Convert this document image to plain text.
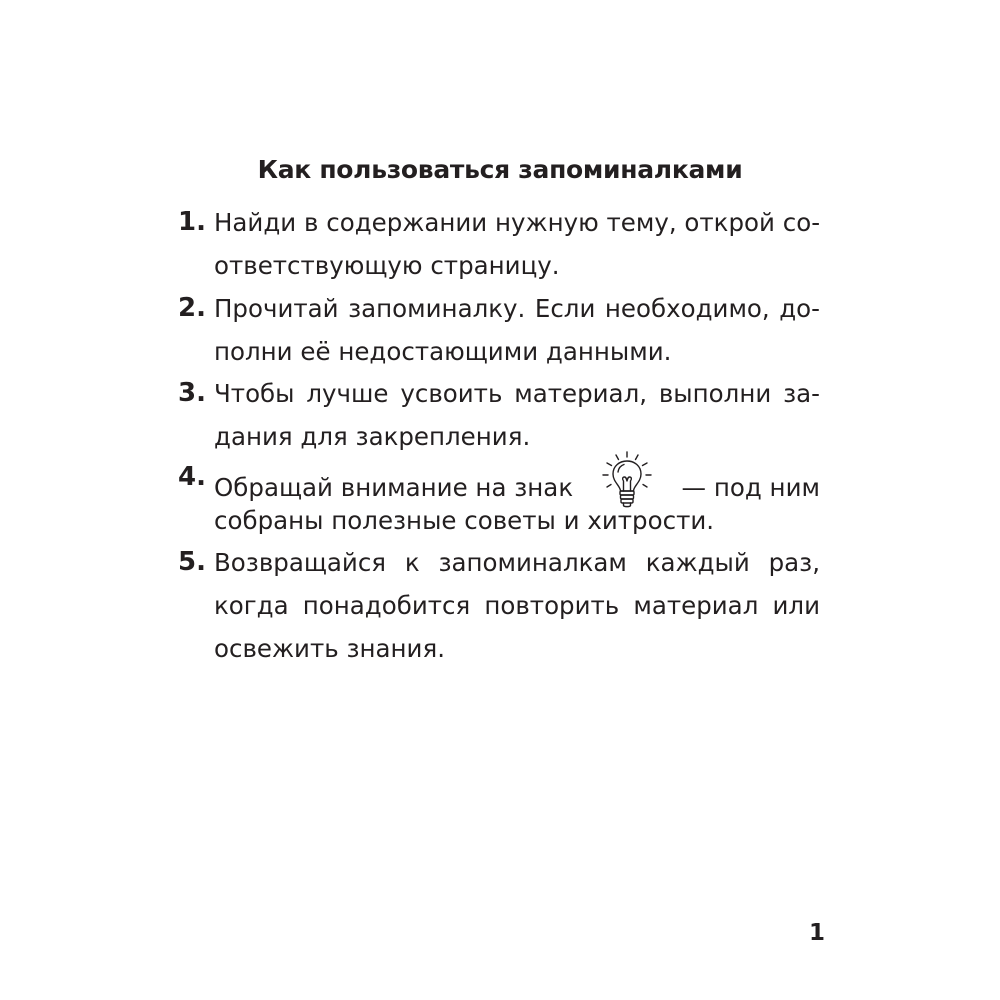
Как пользоваться запоминалками
1. Найди в содержании нужную тему, открой со-
ответствующую страницу.
2. Прочитай запоминалку. Если необходимо, до-
полни её недостающими данными.
3. Чтобы лучше усвоить материал, выполни за-
дания для закрепления.
4. Обращай внимание на знак	— под ним
собраны полезные советы и хитрости.
5. Возвращайся к запоминалкам каждый раз,
когда понадобится повторить материал или
освежить знания.
1
